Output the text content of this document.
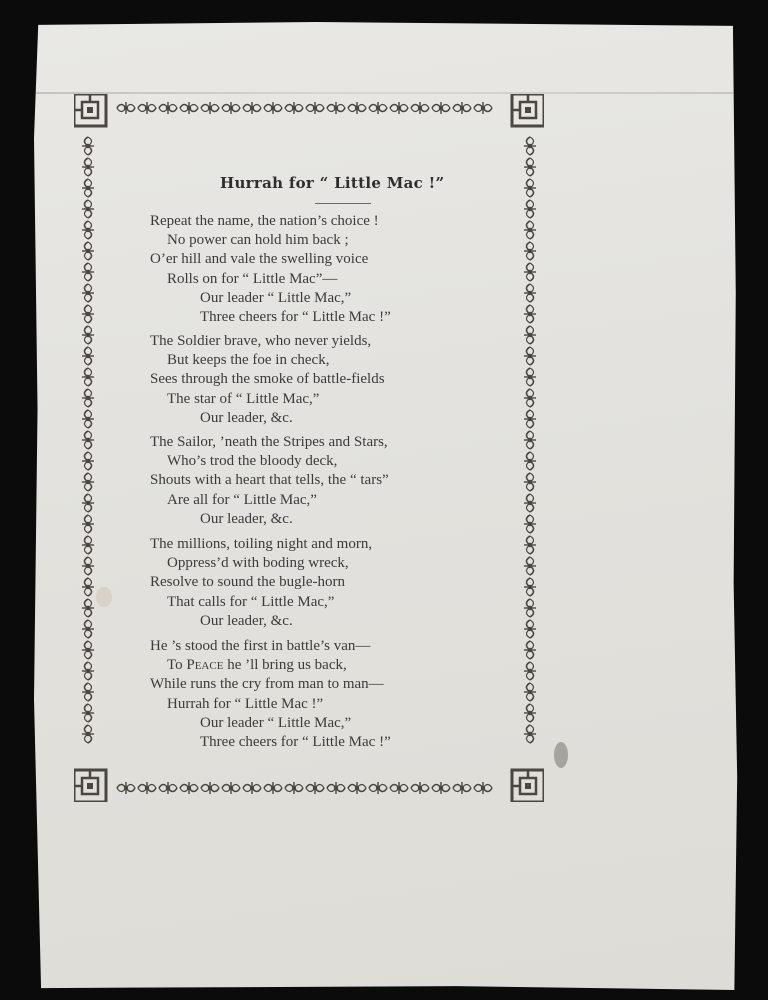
Hurrah for “ Little Mac !”
Repeat the name, the nation’s choice !
No power can hold him back ;
O’er hill and vale the swelling voice
Rolls on for “ Little Mac”—
Our leader “ Little Mac,”
Three cheers for “ Little Mac !”
The Soldier brave, who never yields,
But keeps the foe in check,
Sees through the smoke of battle-fields
The star of “ Little Mac,”
Our leader, &c.
The Sailor, ’neath the Stripes and Stars,
Who’s trod the bloody deck,
Shouts with a heart that tells, the “ tars”
Are all for “ Little Mac,”
Our leader, &c.
The millions, toiling night and morn,
Oppress’d with boding wreck,
Resolve to sound the bugle-horn
That calls for “ Little Mac,”
Our leader, &c.
He ’s stood the first in battle’s van—
To Peace he ’ll bring us back,
While runs the cry from man to man—
Hurrah for “ Little Mac !”
Our leader “ Little Mac,”
Three cheers for “ Little Mac !”
